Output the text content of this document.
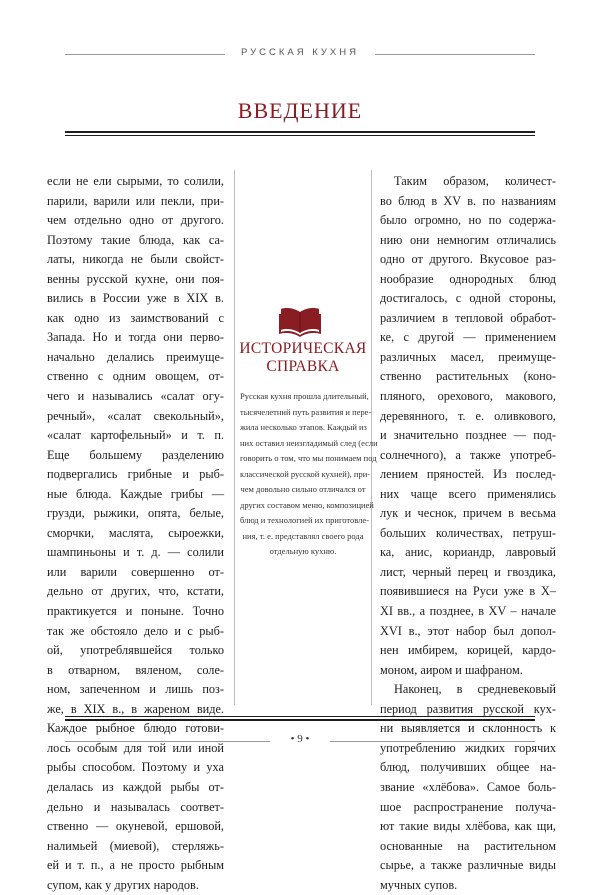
РУССКАЯ КУХНЯ
ВВЕДЕНИЕ
если не ели сырыми, то солили,
парили, варили или пекли, при-
чем отдельно одно от другого.
Поэтому такие блюда, как са-
латы, никогда не были свойст-
венны русской кухне, они поя-
вились в России уже в XIX в.
как одно из заимствований с
Запада. Но и тогда они перво-
начально делались преимуще-
ственно с одним овощем, от-
чего и назывались «салат огу-
речный», «салат свекольный»,
«салат картофельный» и т. п.
Еще большему разделению
подвергались грибные и рыб-
ные блюда. Каждые грибы —
грузди, рыжики, опята, белые,
сморчки, маслята, сыроежки,
шампиньоны и т. д. — солили
или варили совершенно от-
дельно от других, что, кстати,
практикуется и поныне. Точно
так же обстояло дело и с рыб-
ой, употреблявшейся только
в отварном, вяленом, соле-
ном, запеченном и лишь поз-
же, в XIX в., в жареном виде.
Каждое рыбное блюдо готови-
лось особым для той или иной
рыбы способом. Поэтому и уха
делалась из каждой рыбы от-
дельно и называлась соответ-
ственно — окуневой, ершовой,
налимьей (миевой), стерляжь-
ей и т. п., а не просто рыбным
супом, как у других народов.
ИСТОРИЧЕСКАЯ
СПРАВКА
Русская кухня прошла длительный,
тысячелетний путь развития и пере-
жила несколько этапов. Каждый из
них оставил неизгладимый след (если
говорить о том, что мы понимаем под
классической русской кухней), при-
чем довольно сильно отличался от
других составом меню, композицией
блюд и технологией их приготовле-
ния, т. е. представлял своего рода
отдельную кухню.
Таким образом, количест-
во блюд в XV в. по названиям
было огромно, но по содержа-
нию они немногим отличались
одно от другого. Вкусовое раз-
нообразие однородных блюд
достигалось, с одной стороны,
различием в тепловой обработ-
ке, с другой — применением
различных масел, преимуще-
ственно растительных (коно-
пляного, орехового, макового,
деревянного, т. е. оливкового,
и значительно позднее — под-
солнечного), а также употреб-
лением пряностей. Из послед-
них чаще всего применялись
лук и чеснок, причем в весьма
больших количествах, петруш-
ка, анис, кориандр, лавровый
лист, черный перец и гвоздика,
появившиеся на Руси уже в X–
XI вв., а позднее, в XV – начале
XVI в., этот набор был допол-
нен имбирем, корицей, кардо-
моном, аиром и шафраном.
Наконец, в средневековый
период развития русской кух-
ни выявляется и склонность к
употреблению жидких горячих
блюд, получивших общее на-
звание «хлёбова». Самое боль-
шое распространение получа-
ют такие виды хлёбова, как щи,
основанные на растительном
сырье, а также различные виды
мучных супов.
• 9 •
